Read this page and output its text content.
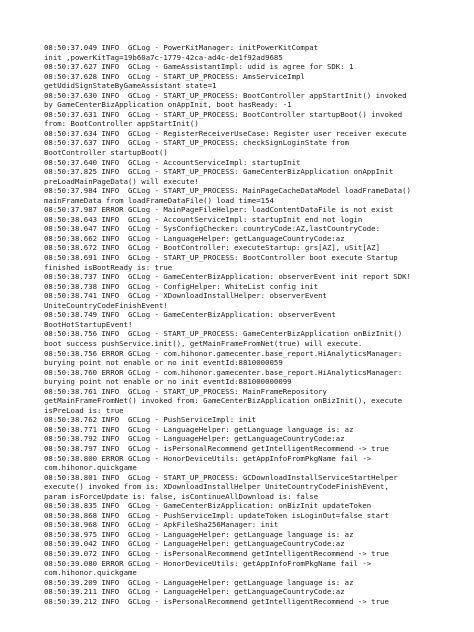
08:50:37.049 INFO  GCLog - PowerKitManager: initPowerKitCompat
init ,powerKitTag=19b60a7c-1779-42ca-ad4c-de1f92ad9685
08:50:37.627 INFO  GCLog - GameAssistantImpl: udid is agree for SDK: 1
08:50:37.628 INFO  GCLog - START_UP_PROCESS: AmsServiceImpl
getUdidSignStateByGameAssistant state=1
08:50:37.630 INFO  GCLog - START_UP_PROCESS: BootController appStartInit() invoked
by GameCenterBizApplication onAppInit, boot hasReady: -1
08:50:37.631 INFO  GCLog - START_UP_PROCESS: BootController startupBoot() invoked
from: BootController appStartInit()
08:50:37.634 INFO  GCLog - RegisterReceiverUseCase: Register user receiver execute
08:50:37.637 INFO  GCLog - START_UP_PROCESS: checkSignLoginState from
BootController startupBoot()
08:50:37.640 INFO  GCLog - AccountServiceImpl: startupInit
08:50:37.825 INFO  GCLog - START_UP_PROCESS: GameCenterBizApplication onAppInit
preLoadMainPageData() will execute!
08:50:37.984 INFO  GCLog - START_UP_PROCESS: MainPageCacheDataModel loadFrameData()
mainFrameData from loadFrameDataFile() load time=154
08:50:37.987 ERROR GCLog - MainPageFileHelper: loadContentDataFile is not exist
08:50:38.643 INFO  GCLog - AccountServiceImpl: startupInit end not login
08:50:38.647 INFO  GCLog - SysConfigChecker: countryCode:AZ,lastCountryCode:
08:50:38.662 INFO  GCLog - LanguageHelper: getLanguageCountryCode:az
08:50:38.672 INFO  GCLog - BootController: executeStartup: grs[AZ], uSit[AZ]
08:50:38.691 INFO  GCLog - START_UP_PROCESS: BootController boot execute Startup
finished isBootReady is: true
08:50:38.737 INFO  GCLog - GameCenterBizApplication: observerEvent init report SDK!
08:50:38.738 INFO  GCLog - ConfigHelper: WhiteList config init
08:50:38.741 INFO  GCLog - XDownloadInstallHelper: observerEvent
UniteCountryCodeFinishEvent!
08:50:38.749 INFO  GCLog - GameCenterBizApplication: observerEvent
BootHotStartupEvent!
08:50:38.756 INFO  GCLog - START_UP_PROCESS: GameCenterBizApplication onBizInit()
boot success pushService.init(), getMainFrameFromNet(true) will execute.
08:50:38.756 ERROR GCLog - com.hihonor.gamecenter.base_report.HiAnalyticsManager:
burying point not enable or no init eventId:8810000059
08:50:38.760 ERROR GCLog - com.hihonor.gamecenter.base_report.HiAnalyticsManager:
burying point not enable or no init eventId:881000000099
08:50:38.761 INFO  GCLog - START_UP_PROCESS: MainFrameRepository
getMainFrameFromNet() invoked from: GameCenterBizApplication onBizInit(), execute
isPreLoad is: true
08:50:38.762 INFO  GCLog - PushServiceImpl: init
08:50:38.771 INFO  GCLog - LanguageHelper: getLanguage language is: az
08:50:38.792 INFO  GCLog - LanguageHelper: getLanguageCountryCode:az
08:50:38.797 INFO  GCLog - isPersonalRecommend getIntelligentRecommend -> true
08:50:38.800 ERROR GCLog - HonorDeviceUtils: getAppInfoFromPkgName fail ->
com.hihonor.quickgame
08:50:38.801 INFO  GCLog - START_UP_PROCESS: GCDownloadInstallServiceStartHelper
execute() invoked from is: XDownloadInstallHelper UniteCountryCodeFinishEvent,
param isForceUpdate is: false, isContinueAllDownload is: false
08:50:38.835 INFO  GCLog - GameCenterBizApplication: onBizInit updateToken
08:50:38.868 INFO  GCLog - PushServiceImpl: updateToken isLoginOut=false start
08:50:38.968 INFO  GCLog - ApkFileSha256Manager: init
08:50:38.975 INFO  GCLog - LanguageHelper: getLanguage language is: az
08:50:39.042 INFO  GCLog - LanguageHelper: getLanguageCountryCode:az
08:50:39.072 INFO  GCLog - isPersonalRecommend getIntelligentRecommend -> true
08:50:39.080 ERROR GCLog - HonorDeviceUtils: getAppInfoFromPkgName fail ->
com.hihonor.quickgame
08:50:39.209 INFO  GCLog - LanguageHelper: getLanguage language is: az
08:50:39.211 INFO  GCLog - LanguageHelper: getLanguageCountryCode:az
08:50:39.212 INFO  GCLog - isPersonalRecommend getIntelligentRecommend -> true
